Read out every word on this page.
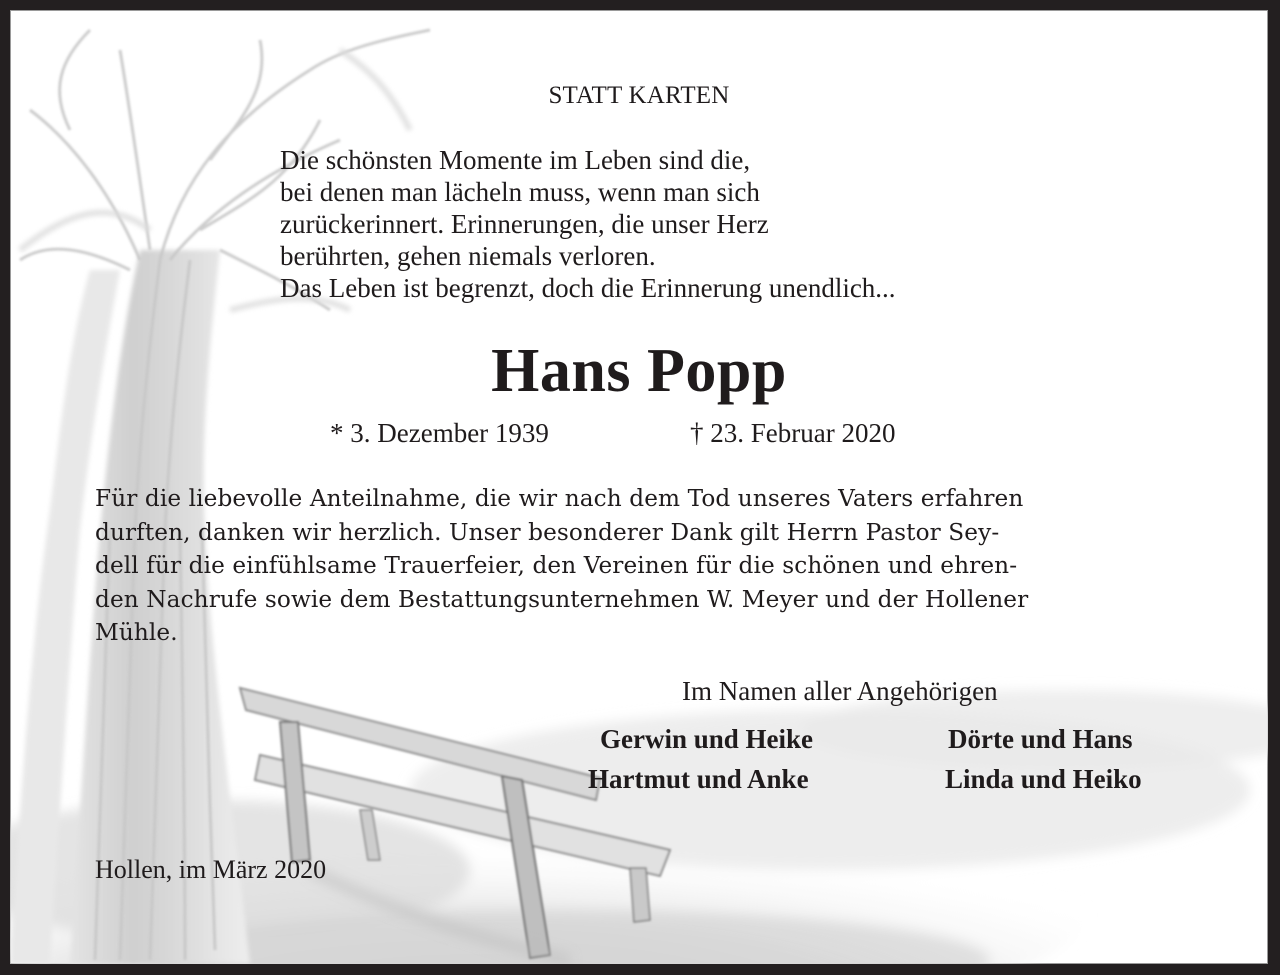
STATT KARTEN
Die schönsten Momente im Leben sind die,
bei denen man lächeln muss, wenn man sich
zurückerinnert. Erinnerungen, die unser Herz
berührten, gehen niemals verloren.
Das Leben ist begrenzt, doch die Erinnerung unendlich...
Hans Popp
* 3. Dezember 1939	† 23. Februar 2020
Für die liebevolle Anteilnahme, die wir nach dem Tod unseres Vaters erfahren
durften, danken wir herzlich. Unser besonderer Dank gilt Herrn Pastor Sey-
dell für die einfühlsame Trauerfeier, den Vereinen für die schönen und ehren-
den Nachrufe sowie dem Bestattungsunternehmen W. Meyer und der Hollener
Mühle.
Im Namen aller Angehörigen
Gerwin und Heike	Dörte und Hans
Hartmut und Anke	Linda und Heiko
Hollen, im März 2020
